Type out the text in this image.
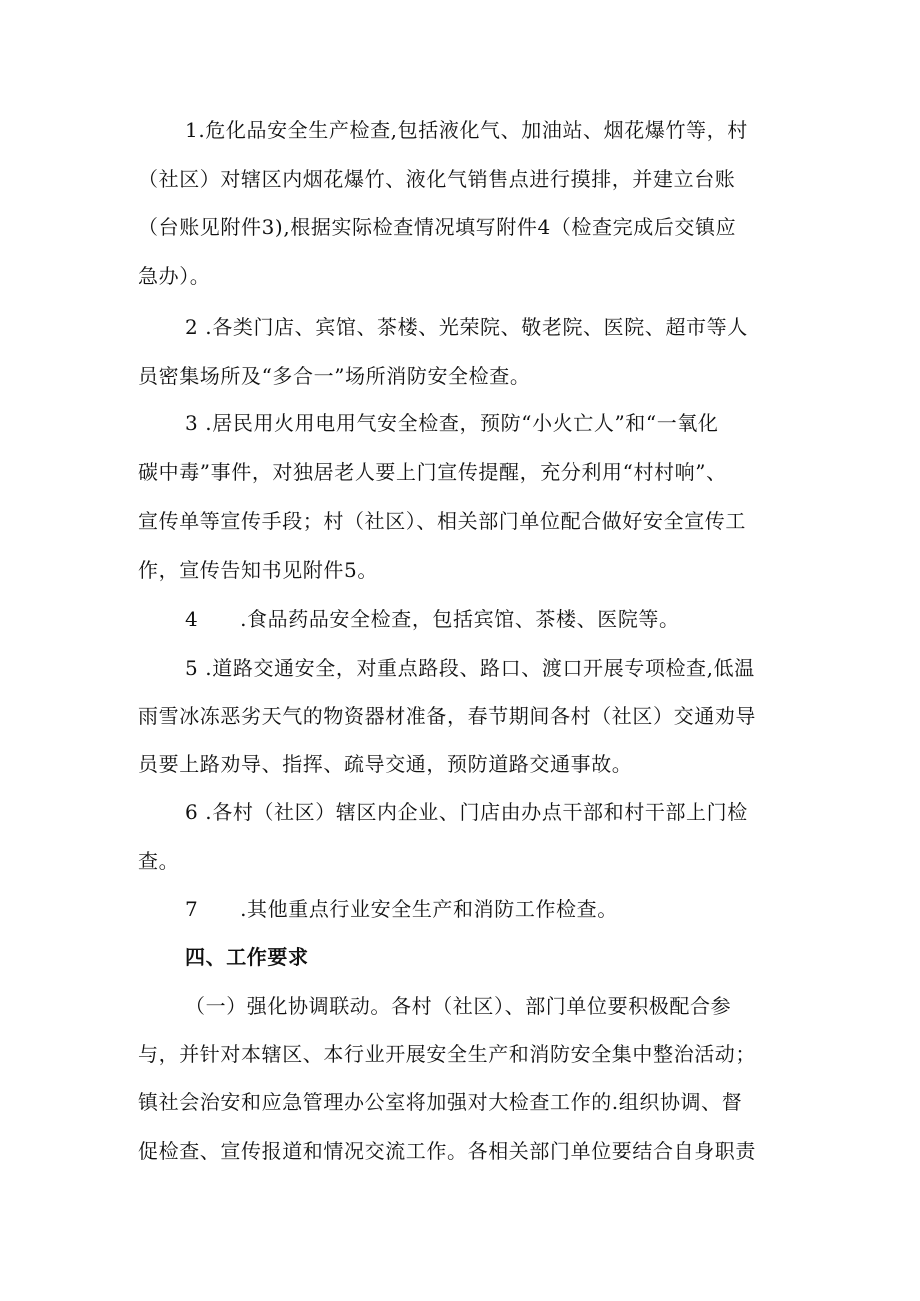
1.危化品安全生产检查,包括液化气、加油站、烟花爆竹等，村
（社区）对辖区内烟花爆竹、液化气销售点进行摸排，并建立台账
（台账见附件3),根据实际检查情况填写附件4（检查完成后交镇应
急办）。
2 .各类门店、宾馆、茶楼、光荣院、敬老院、医院、超市等人
员密集场所及“多合一”场所消防安全检查。
3 .居民用火用电用气安全检查，预防“小火亡人”和“一氧化
碳中毒”事件，对独居老人要上门宣传提醒，充分利用“村村响”、
宣传单等宣传手段；村（社区）、相关部门单位配合做好安全宣传工
作，宣传告知书见附件5。
4      .食品药品安全检查，包括宾馆、茶楼、医院等。
5 .道路交通安全，对重点路段、路口、渡口开展专项检查,低温
雨雪冰冻恶劣天气的物资器材准备，春节期间各村（社区）交通劝导
员要上路劝导、指挥、疏导交通，预防道路交通事故。
6 .各村（社区）辖区内企业、门店由办点干部和村干部上门检
查。
7      .其他重点行业安全生产和消防工作检查。
四、工作要求
（一）强化协调联动。各村（社区）、部门单位要积极配合参
与，并针对本辖区、本行业开展安全生产和消防安全集中整治活动；
镇社会治安和应急管理办公室将加强对大检查工作的.组织协调、督
促检查、宣传报道和情况交流工作。各相关部门单位要结合自身职责
